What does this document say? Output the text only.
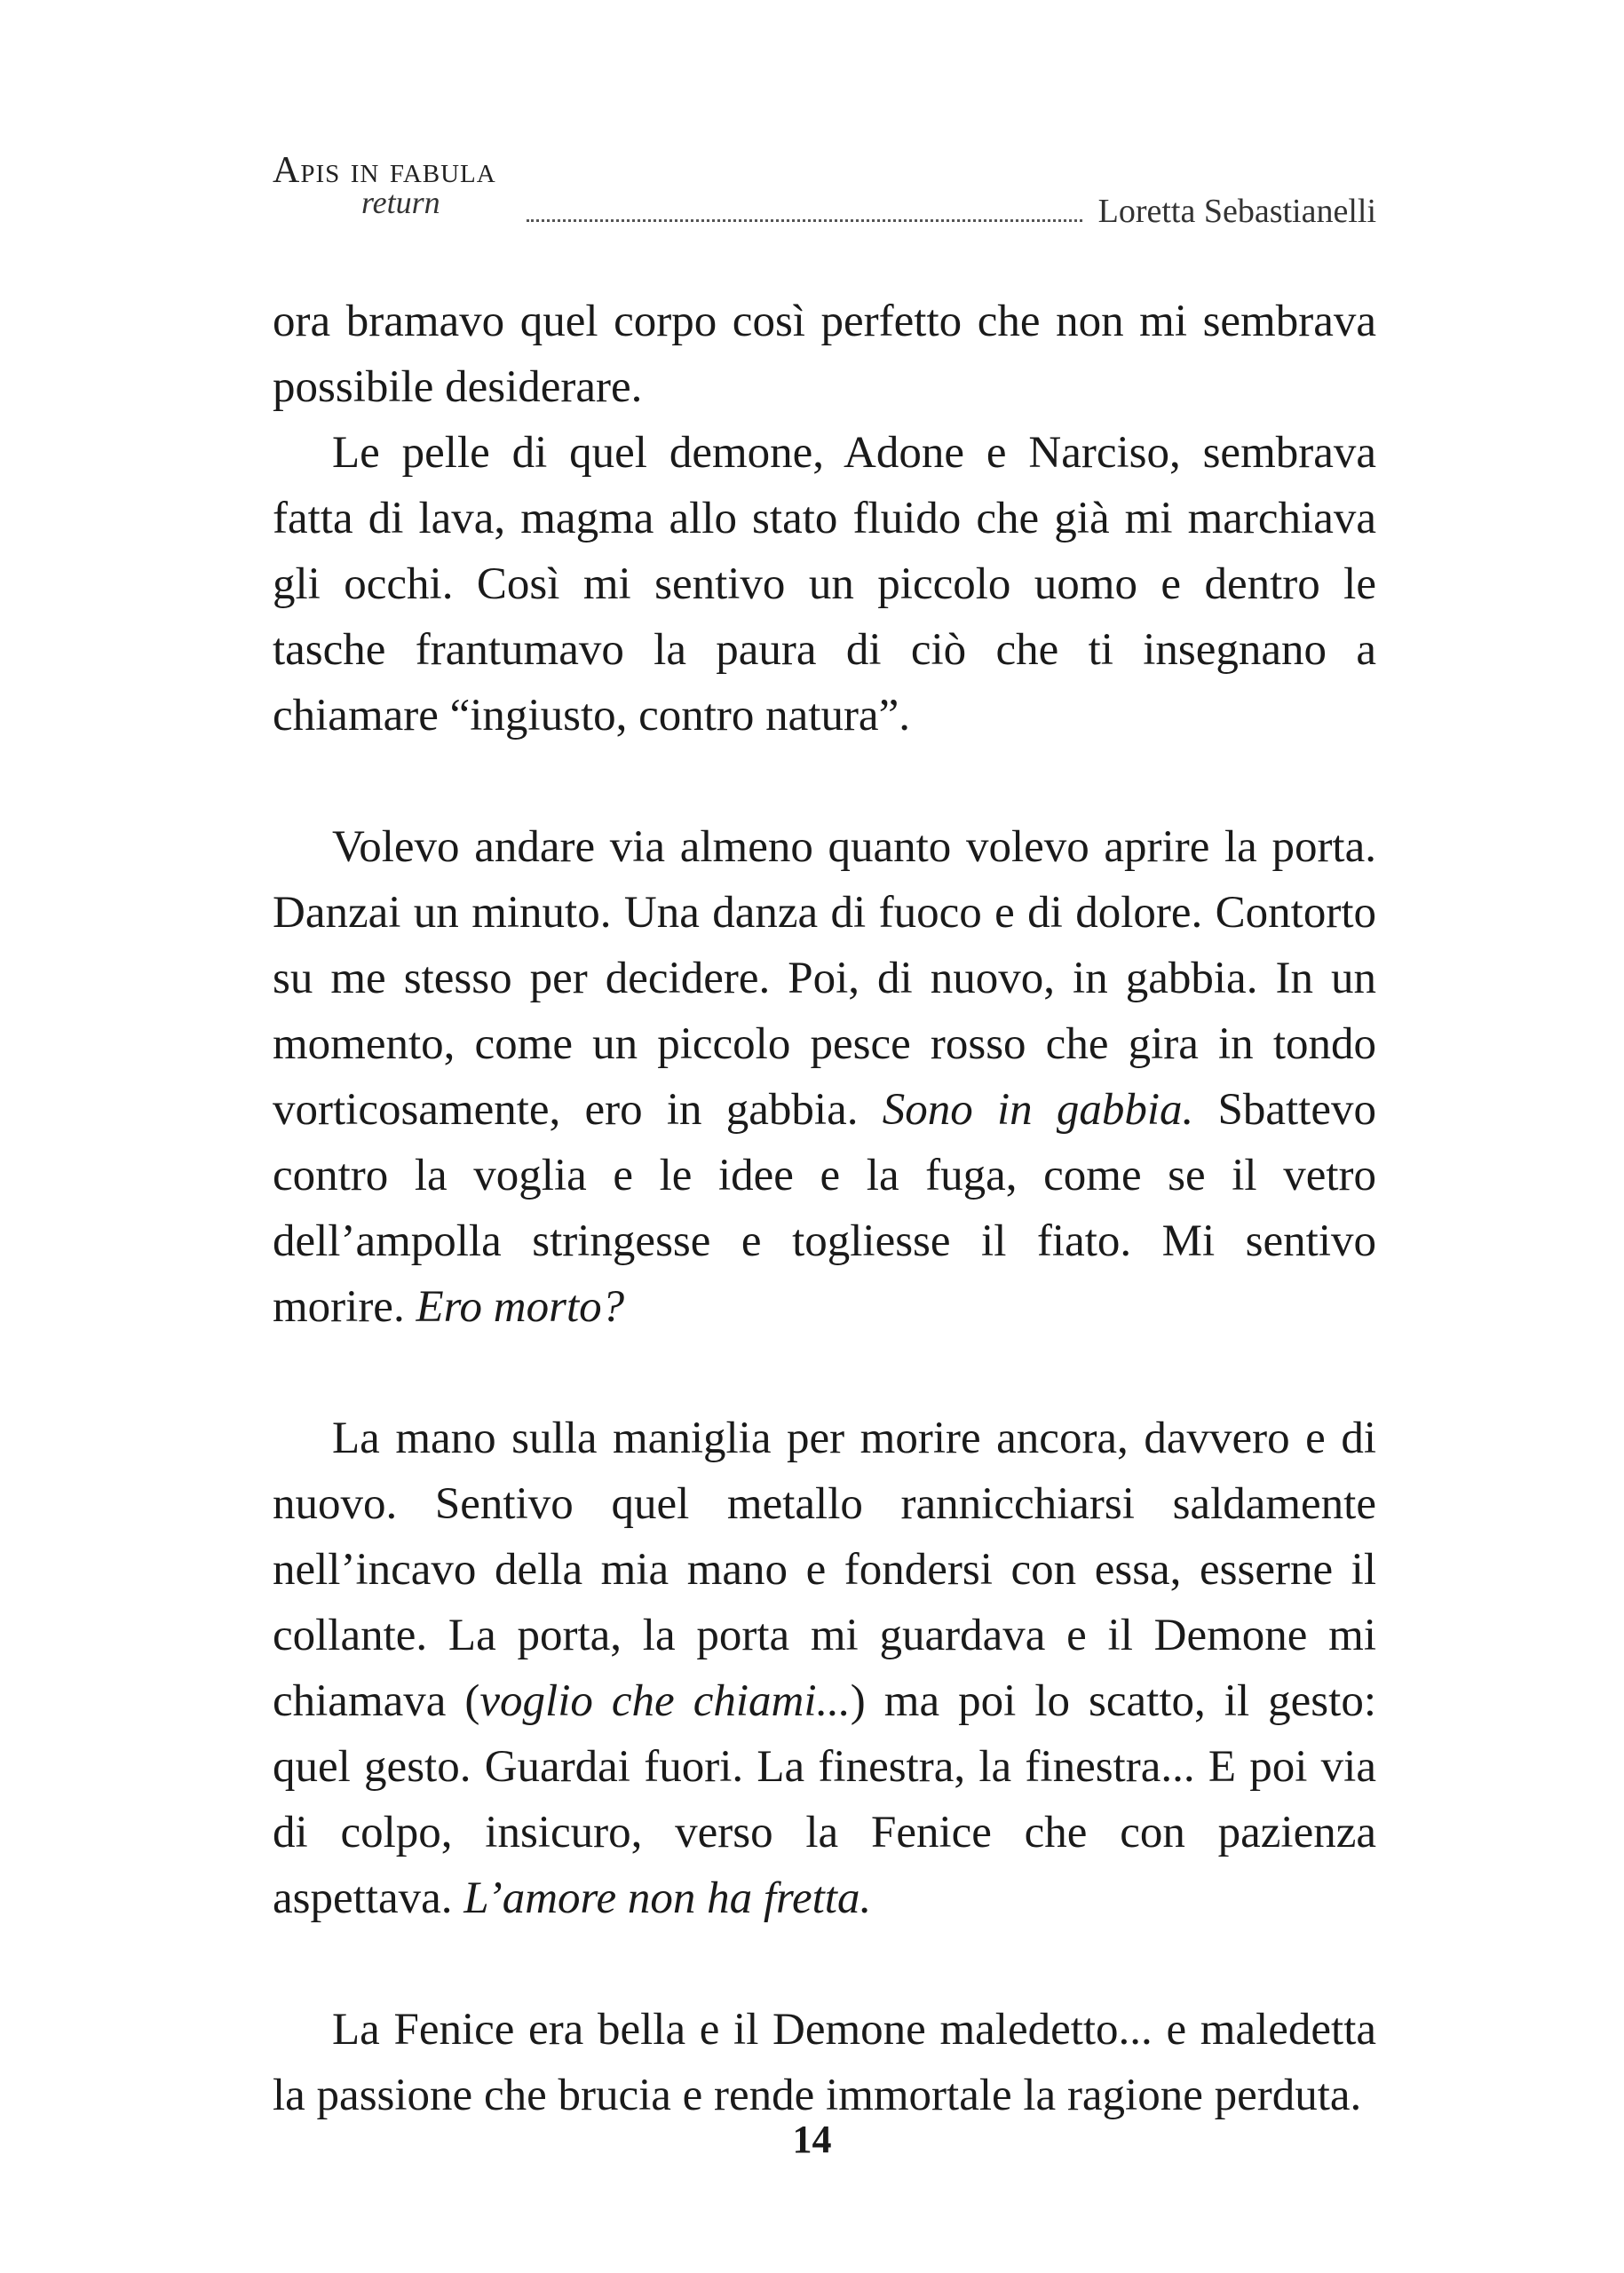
Apis in fabula
return	Loretta Sebastianelli

ora bramavo quel corpo così perfetto che non mi sembrava possibile desiderare.

Le pelle di quel demone, Adone e Narciso, sembrava fatta di lava, magma allo stato fluido che già mi marchiava gli occhi. Così mi sentivo un piccolo uomo e dentro le tasche frantumavo la paura di ciò che ti insegnano a chiamare “ingiusto, contro natura”.

Volevo andare via almeno quanto volevo aprire la porta. Danzai un minuto. Una danza di fuoco e di dolore. Contorto su me stesso per decidere. Poi, di nuovo, in gabbia. In un momento, come un piccolo pesce rosso che gira in tondo vorticosamente, ero in gabbia. Sono in gabbia. Sbattevo contro la voglia e le idee e la fuga, come se il vetro dell’ampolla stringesse e togliesse il fiato. Mi sentivo morire. Ero morto?

La mano sulla maniglia per morire ancora, davvero e di nuovo. Sentivo quel metallo rannicchiarsi saldamente nell’incavo della mia mano e fondersi con essa, esserne il collante. La porta, la porta mi guardava e il Demone mi chiamava (voglio che chiami...) ma poi lo scatto, il gesto: quel gesto. Guardai fuori. La finestra, la finestra... E poi via di colpo, insicuro, verso la Fenice che con pazienza aspettava. L’amore non ha fretta.

La Fenice era bella e il Demone maledetto... e maledetta la passione che brucia e rende immortale la ragione perduta.

14
